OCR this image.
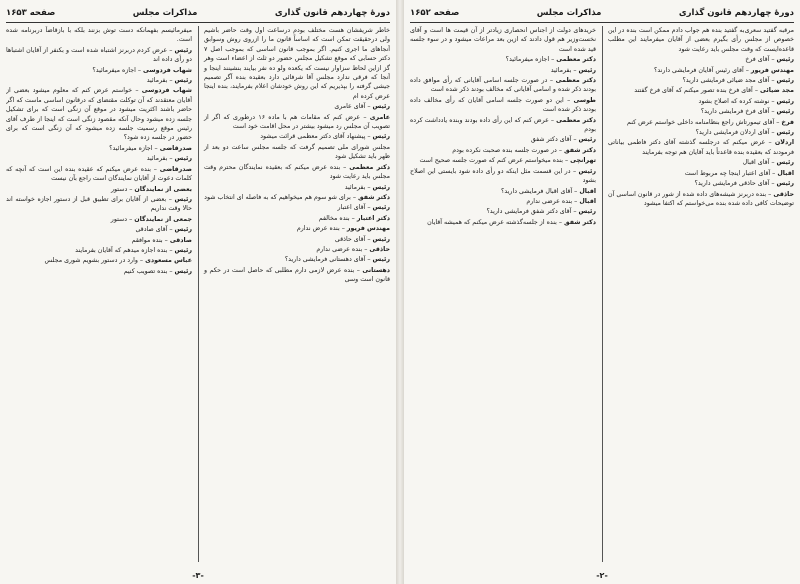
دورهٔ چهاردهم قانون گذاری
مذاکرات مجلس
صفحه ۱۶۵۳

خاطر شریفشان هست مختلف بودم درساعت اول وقت حاضر باشیم ولی درحقیقت تمکن است که اساساً قانون ما را ازروی روش وسوابق آنجاهای ما اجری کنیم. اگر بموجب قانون اساسی که بموجب اصل ۷ دکتر حسابی که موقع تشکیل مجلس حضور دو ثلث از اعضاء است وهر گز ازاین لحاظ سزاوار نیست که یکعده ولو ده نفر بیایند بنشینند اینجا و آنجا که فرقی ندارد مجلس آقا شرفائی دارد بعقیده بنده آگر تصمیم جیشی گرفته را بپذیریم که این روش خودشان اعلام بفرمایند، بنده اینجا عرض کرده ام

رئیس – آقای عامری

عامری – عرض کنم که مقامات هم با ماده ۱۶ درطوری که اگر از تصویب آن مجلس رد میشود بیشتر در محل اقامت خود است

رئیس – پیشنهاد آقای دکتر معظمی قرائت میشود

مجلس شورای ملی تصمیم گرفت که جلسه مجلس ساعت دو بعد از ظهر باید تشکیل شود

دکتر معظمی – بنده عرض میکنم که بعقیده نمایندگان محترم وقت مجلس باید رعایت شود

رئیس – بفرمائید

دکتر شفق – برای شو سوم هم میخواهیم که به فاصله ای انتخاب شود

رئیس – آقای اعتبار

دکتر اعتبار – بنده مخالفم

مهندس فریور – بنده عرض ندارم

رئیس – آقای حاذقی

حاذقی – بنده عرضی ندارم

رئیس – آقای دهستانی فرمایشی دارید؟

دهستانی – بنده عرض لازمی دارم مطلبی که حاصل است در حکم و قانون است وسی

میفرمائیسم بفهمانکه دست توش بزنند بلکه با بازقاضاً دربرنامه شده است.

رئیس – عرض کردم دربرنز اشتباه شده است و بکنفر از آقایان اشتباها دو رأی داده اند

شهاب فردوسی – اجازه میفرمائید؟

رئیس – بفرمائید

شهاب فردوسی – خواستم عرض کنم که معلوم میشود بعضی از آقایان معتقدند که آن توکلت مقتضای که درقانون اساسی ماست که اگر حاضر باشند اکثریت میشود در موقع آن زنگی است که برای تشکیل جلسه زده میشود وحال آنکه مقصود زنگی است که اینجا از طرف آقای رئیس موقع رسمیت جلسه زده میشود که آن زنگی است که برای حضور در جلسه زده شود؟

صدرقاضی – اجازه میفرمائید؟

رئیس – بفرمائید

صدرقاضی – بنده عرض میکنم که عقیده بنده این است که آنچه که کلمات دعوت از آقایان نمایندگان است راجع بآن نیست

بعضی از نمایندگان – دستور

رئیس – بعضی از آقایان برای تطبیق قبل از دستور اجازه خواسته اند حالا وقت نداریم

جمعی از نمایندگان – دستور

رئیس – آقای صادقی

صادقی – بنده موافقم

رئیس – بنده اجازه میدهم که آقایان بفرمایند

عباس مسعودی – وارد در دستور بشویم شوری مجلس

رئیس – بنده تصویب کنیم

-۳-
دورهٔ چهاردهم قانون گذاری
مذاکرات مجلس
صفحه ۱۶۵۲

مرقبه گفتید سعری‌به گفتید بنده هم جواب دادم ممکن است بنده در این خصوص از مجلس رأی بگیرم بعضی از آقایان میفرمایند این مطلب قاعده‌ایست که وقت مجلس باید رعایت شود

رئیس – آقای فرخ

مهندس فریور – آقای رئیس آقایان فرمایشی دارند؟

رئیس – آقای مجد ضیائی فرمایشی دارید؟

مجد ضیائی – آقای فرخ بنده تصور میکنم که آقای فرخ گفتند

رئیس – نوشته کرده که اصلاح بشود

رئیس – آقای فرخ فرمایشی دارید؟

فرخ – آقای تیمورتاش راجع بنظامنامه داخلی خواستم عرض کنم

رئیس – آقای اردلان فرمایشی دارید؟

اردلان – عرض میکنم که درجلسه گذشته آقای دکتر فاطمی بیاناتی فرمودند که بعقیده بنده قاعدتاً باید آقایان هم توجه بفرمایند

رئیس – آقای اقبال

اقبال – آقای اعتبار اینجا چه مربوط است

رئیس – آقای حاذقی فرمایشی دارید؟

حاذقی – بنده دربرنز شیشه‌های داده شده از شور در قانون اساسی آن توضیحات کافی داده شده بنده می‌خواستم که اکتفا میشود

خریدهای دولت از اجناس انحصاری زیادتر از آن قیمت ها است و آقای نخست‌وزیر هم قول دادند که ازین بعد مراعات میشود و در سوء جلسه قید شده است

دکتر معظمی – اجازه میفرمائید؟

رئیس – بفرمائید

دکتر معظمی – در صورت جلسه اسامی آقایانی که رأی موافق داده بودند ذکر شده و اسامی آقایانی که مخالف بودند ذکر شده است

طوسی – این دو صورت جلسه اسامی آقایان که رأی مخالف داده بودند ذکر شده است

دکتر معظمی – عرض کنم که این رأی داده بودند وبنده یادداشت کرده بودم

رئیس – آقای دکتر شفق

دکتر شفق – در صورت جلسه بنده صحبت نکرده بودم

تهرانچی – بنده میخواستم عرض کنم که صورت جلسه صحیح است

رئیس – در این قسمت مثل اینکه دو رأی داده شود بایستی این اصلاح بشود

اقبال – آقای اقبال فرمایشی دارید؟

اقبال – بنده عرضی ندارم

رئیس – آقای دکتر شفق فرمایشی دارید؟

دکتر شفق – بنده از جلسه‌گذشته عرض میکنم که همیشه آقایان

-۲-
